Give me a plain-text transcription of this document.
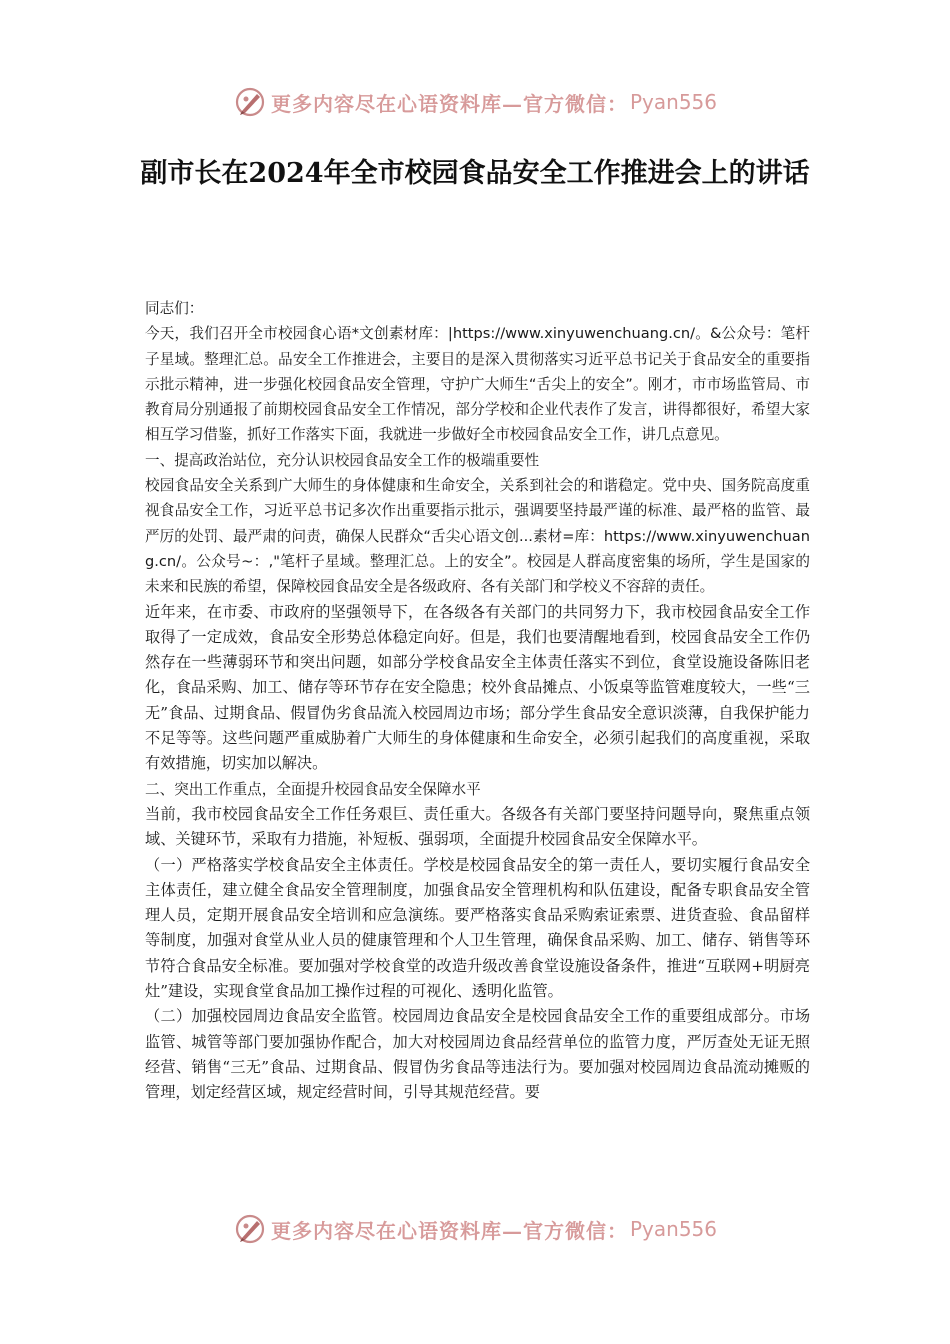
更多内容尽在心语资料库—官方微信： Pyan556
副市长在2024年全市校园食品安全工作推进会上的讲话

同志们：

今天，我们召开全市校园食心语*文创素材库：|https://www.xinyuwenchuang.cn/。&公众号：笔杆子星域。整理汇总。品安全工作推进会，主要目的是深入贯彻落实习近平总书记关于食品安全的重要指示批示精神，进一步强化校园食品安全管理，守护广大师生“舌尖上的安全”。刚才，市市场监管局、市教育局分别通报了前期校园食品安全工作情况，部分学校和企业代表作了发言，讲得都很好，希望大家相互学习借鉴，抓好工作落实下面，我就进一步做好全市校园食品安全工作，讲几点意见。

一、提高政治站位，充分认识校园食品安全工作的极端重要性

校园食品安全关系到广大师生的身体健康和生命安全，关系到社会的和谐稳定。党中央、国务院高度重视食品安全工作，习近平总书记多次作出重要指示批示，强调要坚持最严谨的标准、最严格的监管、最严厉的处罚、最严肃的问责，确保人民群众“舌尖心语文创...素材=库：https://www.xinyuwenchuang.cn/。公众号~：,"笔杆子星域。整理汇总。上的安全”。校园是人群高度密集的场所，学生是国家的未来和民族的希望，保障校园食品安全是各级政府、各有关部门和学校义不容辞的责任。

近年来，在市委、市政府的坚强领导下，在各级各有关部门的共同努力下，我市校园食品安全工作取得了一定成效，食品安全形势总体稳定向好。但是，我们也要清醒地看到，校园食品安全工作仍然存在一些薄弱环节和突出问题，如部分学校食品安全主体责任落实不到位，食堂设施设备陈旧老化，食品采购、加工、储存等环节存在安全隐患；校外食品摊点、小饭桌等监管难度较大，一些“三无”食品、过期食品、假冒伪劣食品流入校园周边市场；部分学生食品安全意识淡薄，自我保护能力不足等等。这些问题严重威胁着广大师生的身体健康和生命安全，必须引起我们的高度重视，采取有效措施，切实加以解决。

二、突出工作重点，全面提升校园食品安全保障水平

当前，我市校园食品安全工作任务艰巨、责任重大。各级各有关部门要坚持问题导向，聚焦重点领域、关键环节，采取有力措施，补短板、强弱项，全面提升校园食品安全保障水平。

（一）严格落实学校食品安全主体责任。学校是校园食品安全的第一责任人，要切实履行食品安全主体责任，建立健全食品安全管理制度，加强食品安全管理机构和队伍建设，配备专职食品安全管理人员，定期开展食品安全培训和应急演练。要严格落实食品采购索证索票、进货查验、食品留样等制度，加强对食堂从业人员的健康管理和个人卫生管理，确保食品采购、加工、储存、销售等环节符合食品安全标准。要加强对学校食堂的改造升级改善食堂设施设备条件，推进“互联网+明厨亮灶”建设，实现食堂食品加工操作过程的可视化、透明化监管。

（二）加强校园周边食品安全监管。校园周边食品安全是校园食品安全工作的重要组成部分。市场监管、城管等部门要加强协作配合，加大对校园周边食品经营单位的监管力度，严厉查处无证无照经营、销售“三无”食品、过期食品、假冒伪劣食品等违法行为。要加强对校园周边食品流动摊贩的管理，划定经营区域，规定经营时间，引导其规范经营。要

更多内容尽在心语资料库—官方微信： Pyan556
